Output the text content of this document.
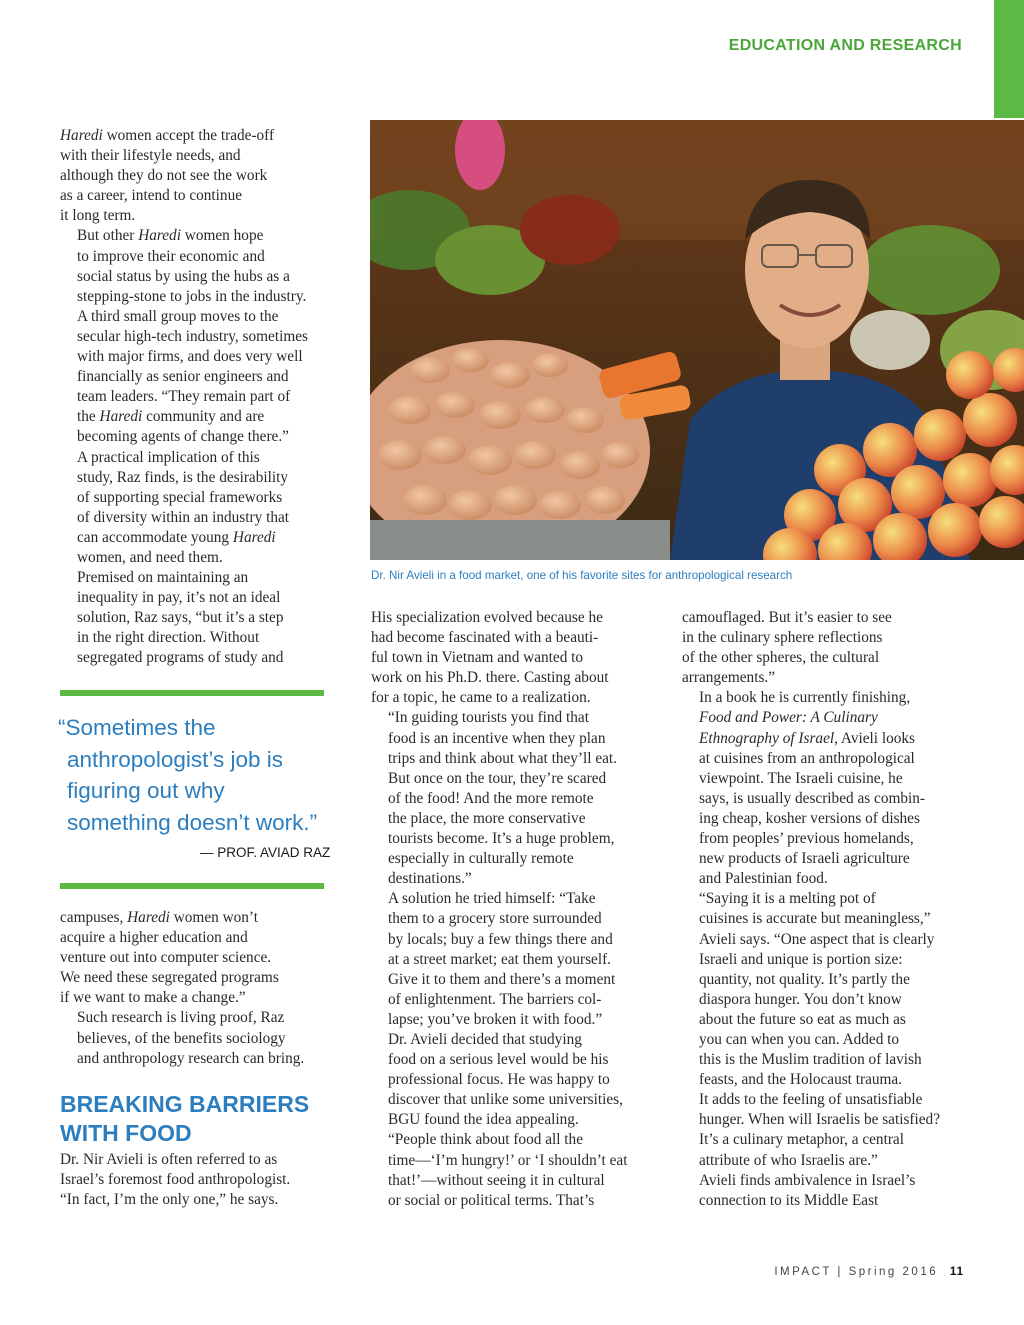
EDUCATION AND RESEARCH

Haredi women accept the trade-off
with their lifestyle needs, and
although they do not see the work
as a career, intend to continue
it long term.

But other Haredi women hope
to improve their economic and
social status by using the hubs as a
stepping-stone to jobs in the industry.
A third small group moves to the
secular high-tech industry, sometimes
with major firms, and does very well
financially as senior engineers and
team leaders. “They remain part of
the Haredi community and are
becoming agents of change there.”

A practical implication of this
study, Raz finds, is the desirability
of supporting special frameworks
of diversity within an industry that
can accommodate young Haredi
women, and need them.

Premised on maintaining an
inequality in pay, it’s not an ideal
solution, Raz says, “but it’s a step
in the right direction. Without
segregated programs of study and

“Sometimes the
anthropologist’s job is
figuring out why
something doesn’t work.”
— PROF. AVIAD RAZ

campuses, Haredi women won’t
acquire a higher education and
venture out into computer science.
We need these segregated programs
if we want to make a change.”

Such research is living proof, Raz
believes, of the benefits sociology
and anthropology research can bring.

BREAKING BARRIERS
WITH FOOD

Dr. Nir Avieli is often referred to as
Israel’s foremost food anthropologist.
“In fact, I’m the only one,” he says.

Dr. Nir Avieli in a food market, one of his favorite sites for anthropological research

His specialization evolved because he
had become fascinated with a beauti-
ful town in Vietnam and wanted to
work on his Ph.D. there. Casting about
for a topic, he came to a realization.

“In guiding tourists you find that
food is an incentive when they plan
trips and think about what they’ll eat.
But once on the tour, they’re scared
of the food! And the more remote
the place, the more conservative
tourists become. It’s a huge problem,
especially in culturally remote
destinations.”

A solution he tried himself: “Take
them to a grocery store surrounded
by locals; buy a few things there and
at a street market; eat them yourself.
Give it to them and there’s a moment
of enlightenment. The barriers col-
lapse; you’ve broken it with food.”

Dr. Avieli decided that studying
food on a serious level would be his
professional focus. He was happy to
discover that unlike some universities,
BGU found the idea appealing.

“People think about food all the
time—‘I’m hungry!’ or ‘I shouldn’t eat
that!’—without seeing it in cultural
or social or political terms. That’s

camouflaged. But it’s easier to see
in the culinary sphere reflections
of the other spheres, the cultural
arrangements.”

In a book he is currently finishing,
Food and Power: A Culinary
Ethnography of Israel, Avieli looks
at cuisines from an anthropological
viewpoint. The Israeli cuisine, he
says, is usually described as combin-
ing cheap, kosher versions of dishes
from peoples’ previous homelands,
new products of Israeli agriculture
and Palestinian food.

“Saying it is a melting pot of
cuisines is accurate but meaningless,”
Avieli says. “One aspect that is clearly
Israeli and unique is portion size:
quantity, not quality. It’s partly the
diaspora hunger. You don’t know
about the future so eat as much as
you can when you can. Added to
this is the Muslim tradition of lavish
feasts, and the Holocaust trauma.
It adds to the feeling of unsatisfiable
hunger. When will Israelis be satisfied?
It’s a culinary metaphor, a central
attribute of who Israelis are.”

Avieli finds ambivalence in Israel’s
connection to its Middle East

IMPACT | Spring 2016 11
